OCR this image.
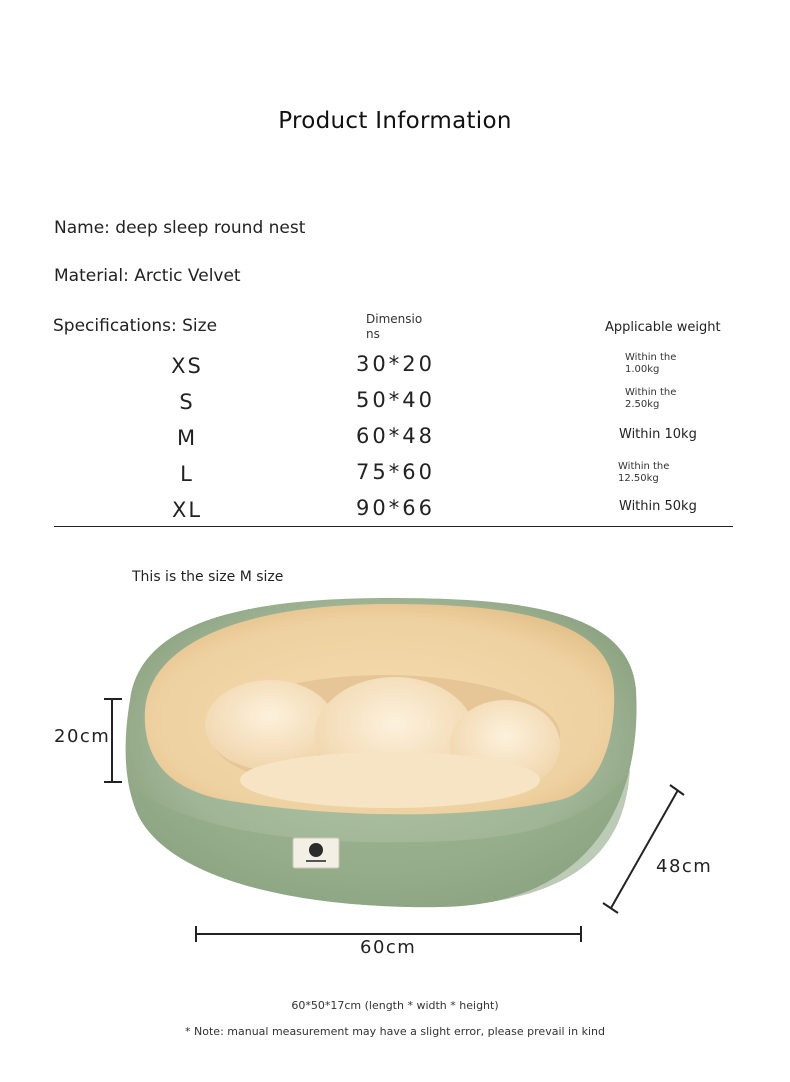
Product Information
Name: deep sleep round nest
Material: Arctic Velvet
Specifications: Size	Dimensio ns	Applicable weight
XS	30*20	Within the 1.00kg
S	50*40	Within the 2.50kg
M	60*48	Within 10kg
L	75*60	Within the 12.50kg
XL	90*66	Within 50kg
This is the size M size
20cm
48cm
60cm
60*50*17cm (length * width * height)
* Note: manual measurement may have a slight error, please prevail in kind
